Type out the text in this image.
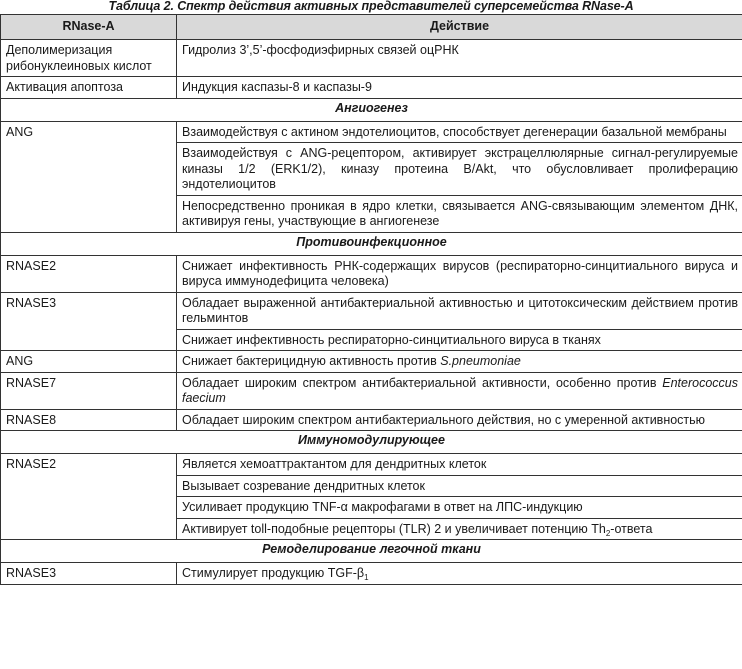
Таблица 2. Спектр действия активных представителей суперсемейства RNase-A
RNase-A	Действие
Деполимеризация рибонуклеиновых кислот	Гидролиз 3’,5’-фосфодиэфирных связей оцРНК
Активация апоптоза	Индукция каспазы-8 и каспазы-9
Ангиогенез	
ANG	Взаимодействуя с актином эндотелиоцитов, способствует дегенерации базальной мембраны
	Взаимодействуя с ANG-рецептором, активирует экстрацеллюлярные сигнал-регулируемые киназы 1/2 (ERK1/2), киназу протеина B/Akt, что обусловливает пролиферацию эндотелиоцитов
	Непосредственно проникая в ядро клетки, связывается ANG-связывающим элементом ДНК, активируя гены, участвующие в ангиогенезе
Противоинфекционное	
RNASE2	Снижает инфективность РНК-содержащих вирусов (респираторно-синцитиального вируса и вируса иммунодефицита человека)
RNASE3	Обладает выраженной антибактериальной активностью и цитотоксическим действием против гельминтов
	Снижает инфективность респираторно-синцитиального вируса в тканях
ANG	Снижает бактерицидную активность против S.pneumoniae
RNASE7	Обладает широким спектром антибактериальной активности, особенно против Enterococcus faecium
RNASE8	Обладает широким спектром антибактериального действия, но с умеренной активностью
Иммуномодулирующее	
RNASE2	Является хемоаттрактантом для дендритных клеток
	Вызывает созревание дендритных клеток
	Усиливает продукцию TNF-α макрофагами в ответ на ЛПС-индукцию
	Активирует toll-подобные рецепторы (TLR) 2 и увеличивает потенцию $Th_2$-ответа
Ремоделирование легочной ткани	
RNASE3	Стимулирует продукцию TGF-$\beta_1$
